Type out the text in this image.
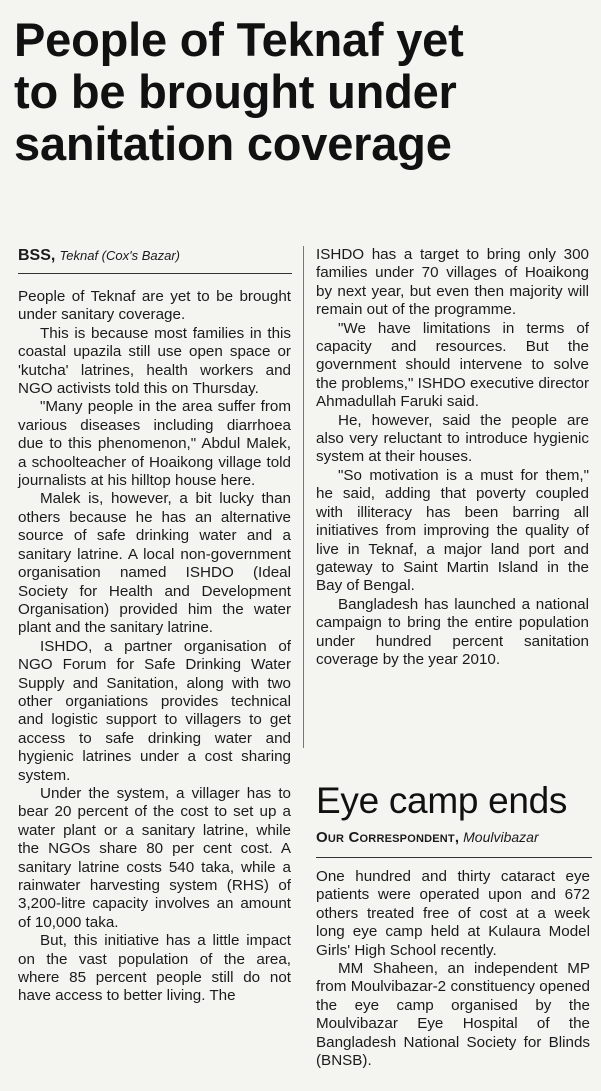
People of Teknaf yet
to be brought under
sanitation coverage
BSS, Teknaf (Cox's Bazar)

People of Teknaf are yet to be brought under sanitary coverage.

This is because most families in this coastal upazila still use open space or 'kutcha' latrines, health workers and NGO activists told this on Thursday.

"Many people in the area suffer from various diseases including diarrhoea due to this phenomenon," Abdul Malek, a schoolteacher of Hoaikong village told journalists at his hilltop house here.

Malek is, however, a bit lucky than others because he has an alternative source of safe drinking water and a sanitary latrine. A local non-government organisation named ISHDO (Ideal Society for Health and Development Organisation) provided him the water plant and the sanitary latrine.

ISHDO, a partner organisation of NGO Forum for Safe Drinking Water Supply and Sanitation, along with two other organiations provides technical and logistic support to villagers to get access to safe drinking water and hygienic latrines under a cost sharing system.

Under the system, a villager has to bear 20 percent of the cost to set up a water plant or a sanitary latrine, while the NGOs share 80 per cent cost. A sanitary latrine costs 540 taka, while a rainwater harvesting system (RHS) of 3,200-litre capacity involves an amount of 10,000 taka.

But, this initiative has a little impact on the vast population of the area, where 85 percent people still do not have access to better living. The

ISHDO has a target to bring only 300 families under 70 villages of Hoaikong by next year, but even then majority will remain out of the programme.

"We have limitations in terms of capacity and resources. But the government should intervene to solve the problems," ISHDO executive director Ahmadullah Faruki said.

He, however, said the people are also very reluctant to introduce hygienic system at their houses.

"So motivation is a must for them," he said, adding that poverty coupled with illiteracy has been barring all initiatives from improving the quality of live in Teknaf, a major land port and gateway to Saint Martin Island in the Bay of Bengal.

Bangladesh has launched a national campaign to bring the entire population under hundred percent sanitation coverage by the year 2010.

Eye camp ends
Our Correspondent, Moulvibazar

One hundred and thirty cataract eye patients were operated upon and 672 others treated free of cost at a week long eye camp held at Kulaura Model Girls' High School recently.

MM Shaheen, an independent MP from Moulvibazar-2 constituency opened the eye camp organised by the Moulvibazar Eye Hospital of the Bangladesh National Society for Blinds (BNSB).
